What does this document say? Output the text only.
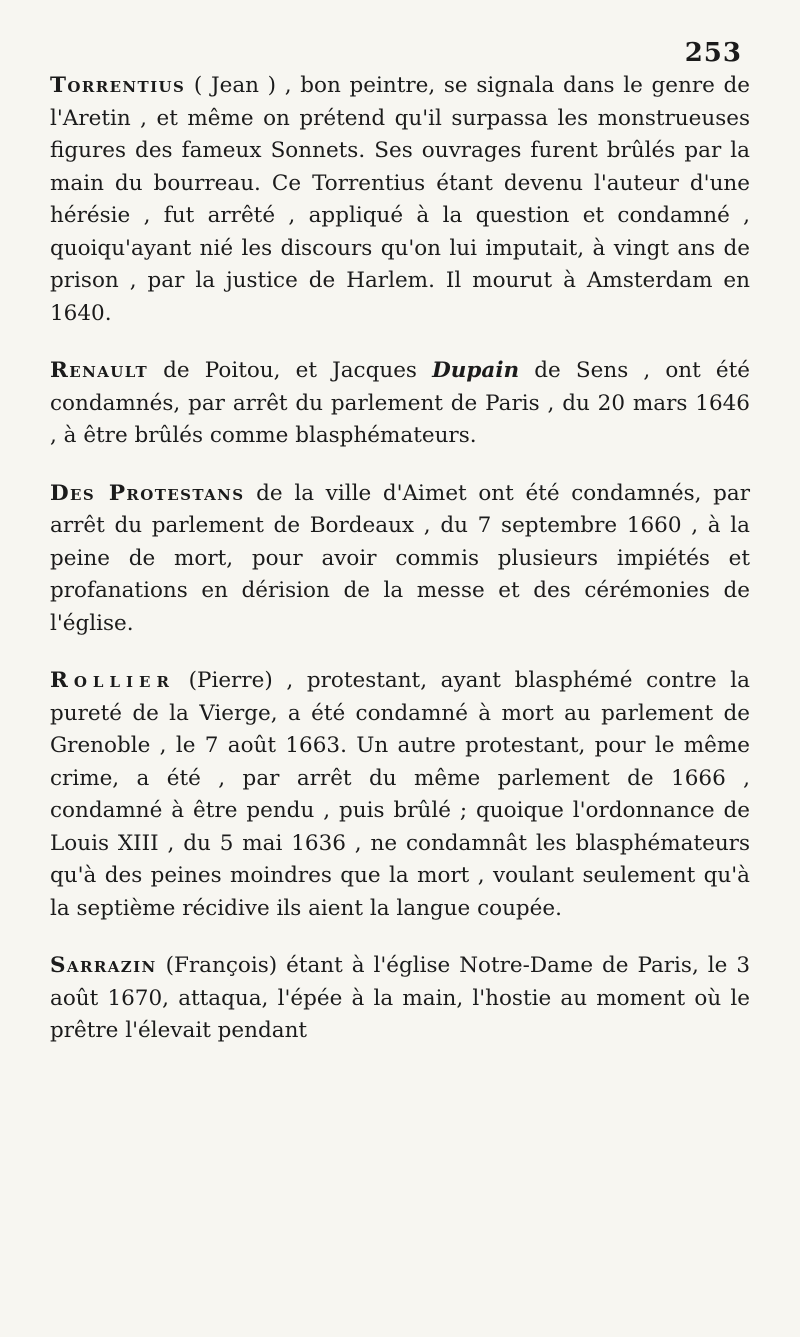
253

Torrentius ( Jean ) , bon peintre, se signala dans le genre de l'Aretin , et même on prétend qu'il surpassa les monstrueuses figures des fameux Sonnets. Ses ouvrages furent brûlés par la main du bourreau. Ce Torrentius étant devenu l'auteur d'une hérésie , fut arrêté , appliqué à la question et condamné , quoiqu'ayant nié les discours qu'on lui imputait, à vingt ans de prison , par la justice de Harlem. Il mourut à Amsterdam en 1640.

Renault de Poitou, et Jacques Dupain de Sens , ont été condamnés, par arrêt du parlement de Paris , du 20 mars 1646 , à être brûlés comme blasphémateurs.

Des Protestans de la ville d'Aimet ont été condamnés, par arrêt du parlement de Bordeaux , du 7 septembre 1660 , à la peine de mort, pour avoir commis plusieurs impiétés et profanations en dérision de la messe et des cérémonies de l'église.

Rollier (Pierre) , protestant, ayant blasphémé contre la pureté de la Vierge, a été condamné à mort au parlement de Grenoble , le 7 août 1663. Un autre protestant, pour le même crime, a été , par arrêt du même parlement de 1666 , condamné à être pendu , puis brûlé ; quoique l'ordonnance de Louis XIII , du 5 mai 1636 , ne condamnât les blasphémateurs qu'à des peines moindres que la mort , voulant seulement qu'à la septième récidive ils aient la langue coupée.

Sarrazin (François) étant à l'église Notre-Dame de Paris, le 3 août 1670, attaqua, l'épée à la main, l'hostie au moment où le prêtre l'élevait pendant
